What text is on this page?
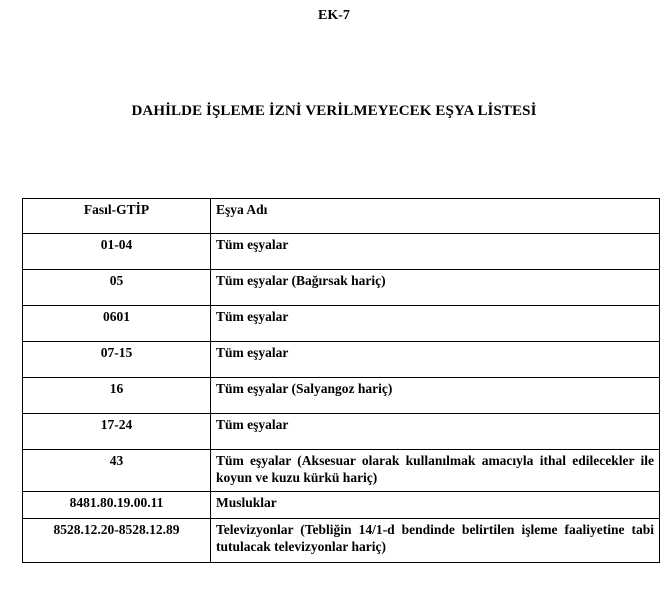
EK-7
DAHİLDE İŞLEME İZNİ VERİLMEYECEK EŞYA LİSTESİ
Fasıl-GTİP	Eşya Adı
01-04	Tüm eşyalar
05	Tüm eşyalar (Bağırsak hariç)
0601	Tüm eşyalar
07-15	Tüm eşyalar
16	Tüm eşyalar (Salyangoz hariç)
17-24	Tüm eşyalar
43	Tüm eşyalar (Aksesuar olarak kullanılmak amacıyla ithal edilecekler ile koyun ve kuzu kürkü hariç)
8481.80.19.00.11	Musluklar
8528.12.20-8528.12.89	Televizyonlar (Tebliğin 14/1-d bendinde belirtilen işleme faaliyetine tabi tutulacak televizyonlar hariç)
